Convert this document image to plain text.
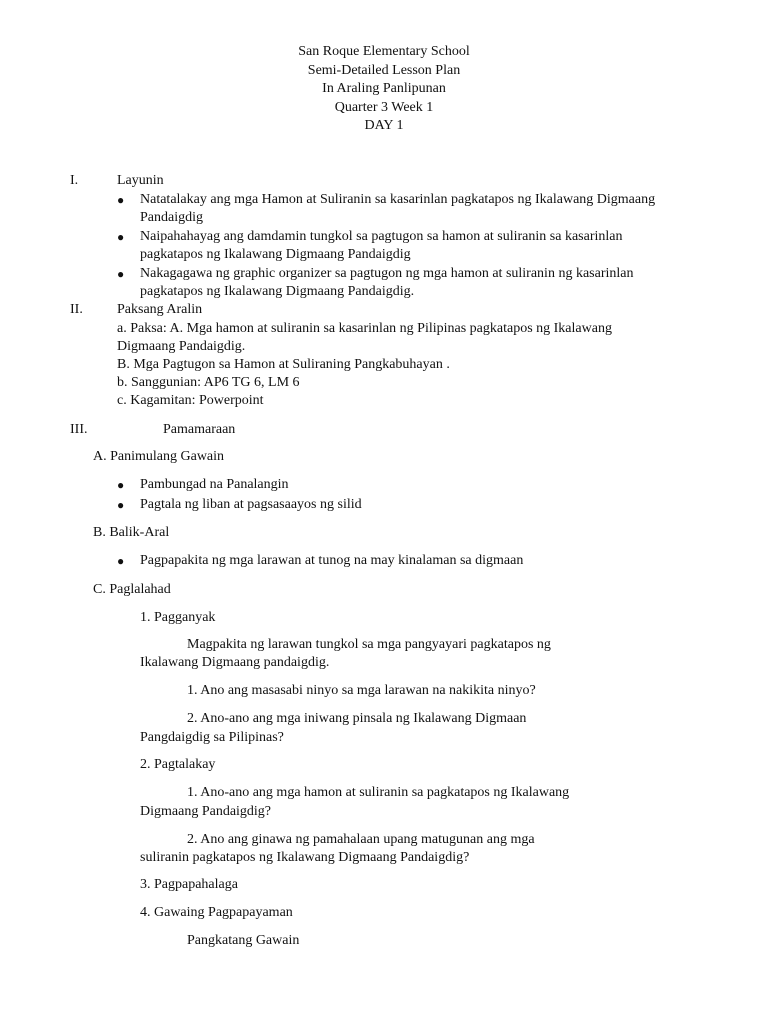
San Roque Elementary School
Semi-Detailed Lesson Plan
In Araling Panlipunan
Quarter 3 Week 1
DAY 1
I.	Layunin
● Natatalakay ang mga Hamon at Suliranin sa kasarinlan pagkatapos ng Ikalawang Digmaang
Pandaigdig
● Naipahahayag ang damdamin tungkol sa pagtugon sa hamon at suliranin sa kasarinlan
pagkatapos ng Ikalawang Digmaang Pandaigdig
● Nakagagawa ng graphic organizer sa pagtugon ng mga hamon at suliranin ng kasarinlan
pagkatapos ng Ikalawang Digmaang Pandaigdig.
II. Paksang Aralin
a. Paksa: A. Mga hamon at suliranin sa kasarinlan ng Pilipinas pagkatapos ng Ikalawang
Digmaang Pandaigdig.
B. Mga Pagtugon sa Hamon at Suliraning Pangkabuhayan .
b. Sanggunian: AP6 TG 6, LM 6
c. Kagamitan: Powerpoint
III.	Pamamaraan
A. Panimulang Gawain
● Pambungad na Panalangin
● Pagtala ng liban at pagsasaayos ng silid
B. Balik-Aral
● Pagpapakita ng mga larawan at tunog na may kinalaman sa digmaan
C. Paglalahad
1. Pagganyak
Magpakita ng larawan tungkol sa mga pangyayari pagkatapos ng
Ikalawang Digmaang pandaigdig.
1. Ano ang masasabi ninyo sa mga larawan na nakikita ninyo?
2. Ano-ano ang mga iniwang pinsala ng Ikalawang Digmaan
Pangdaigdig sa Pilipinas?
2. Pagtalakay
1. Ano-ano ang mga hamon at suliranin sa pagkatapos ng Ikalawang
Digmaang Pandaigdig?
2. Ano ang ginawa ng pamahalaan upang matugunan ang mga
suliranin pagkatapos ng Ikalawang Digmaang Pandaigdig?
3. Pagpapahalaga
4. Gawaing Pagpapayaman
Pangkatang Gawain
